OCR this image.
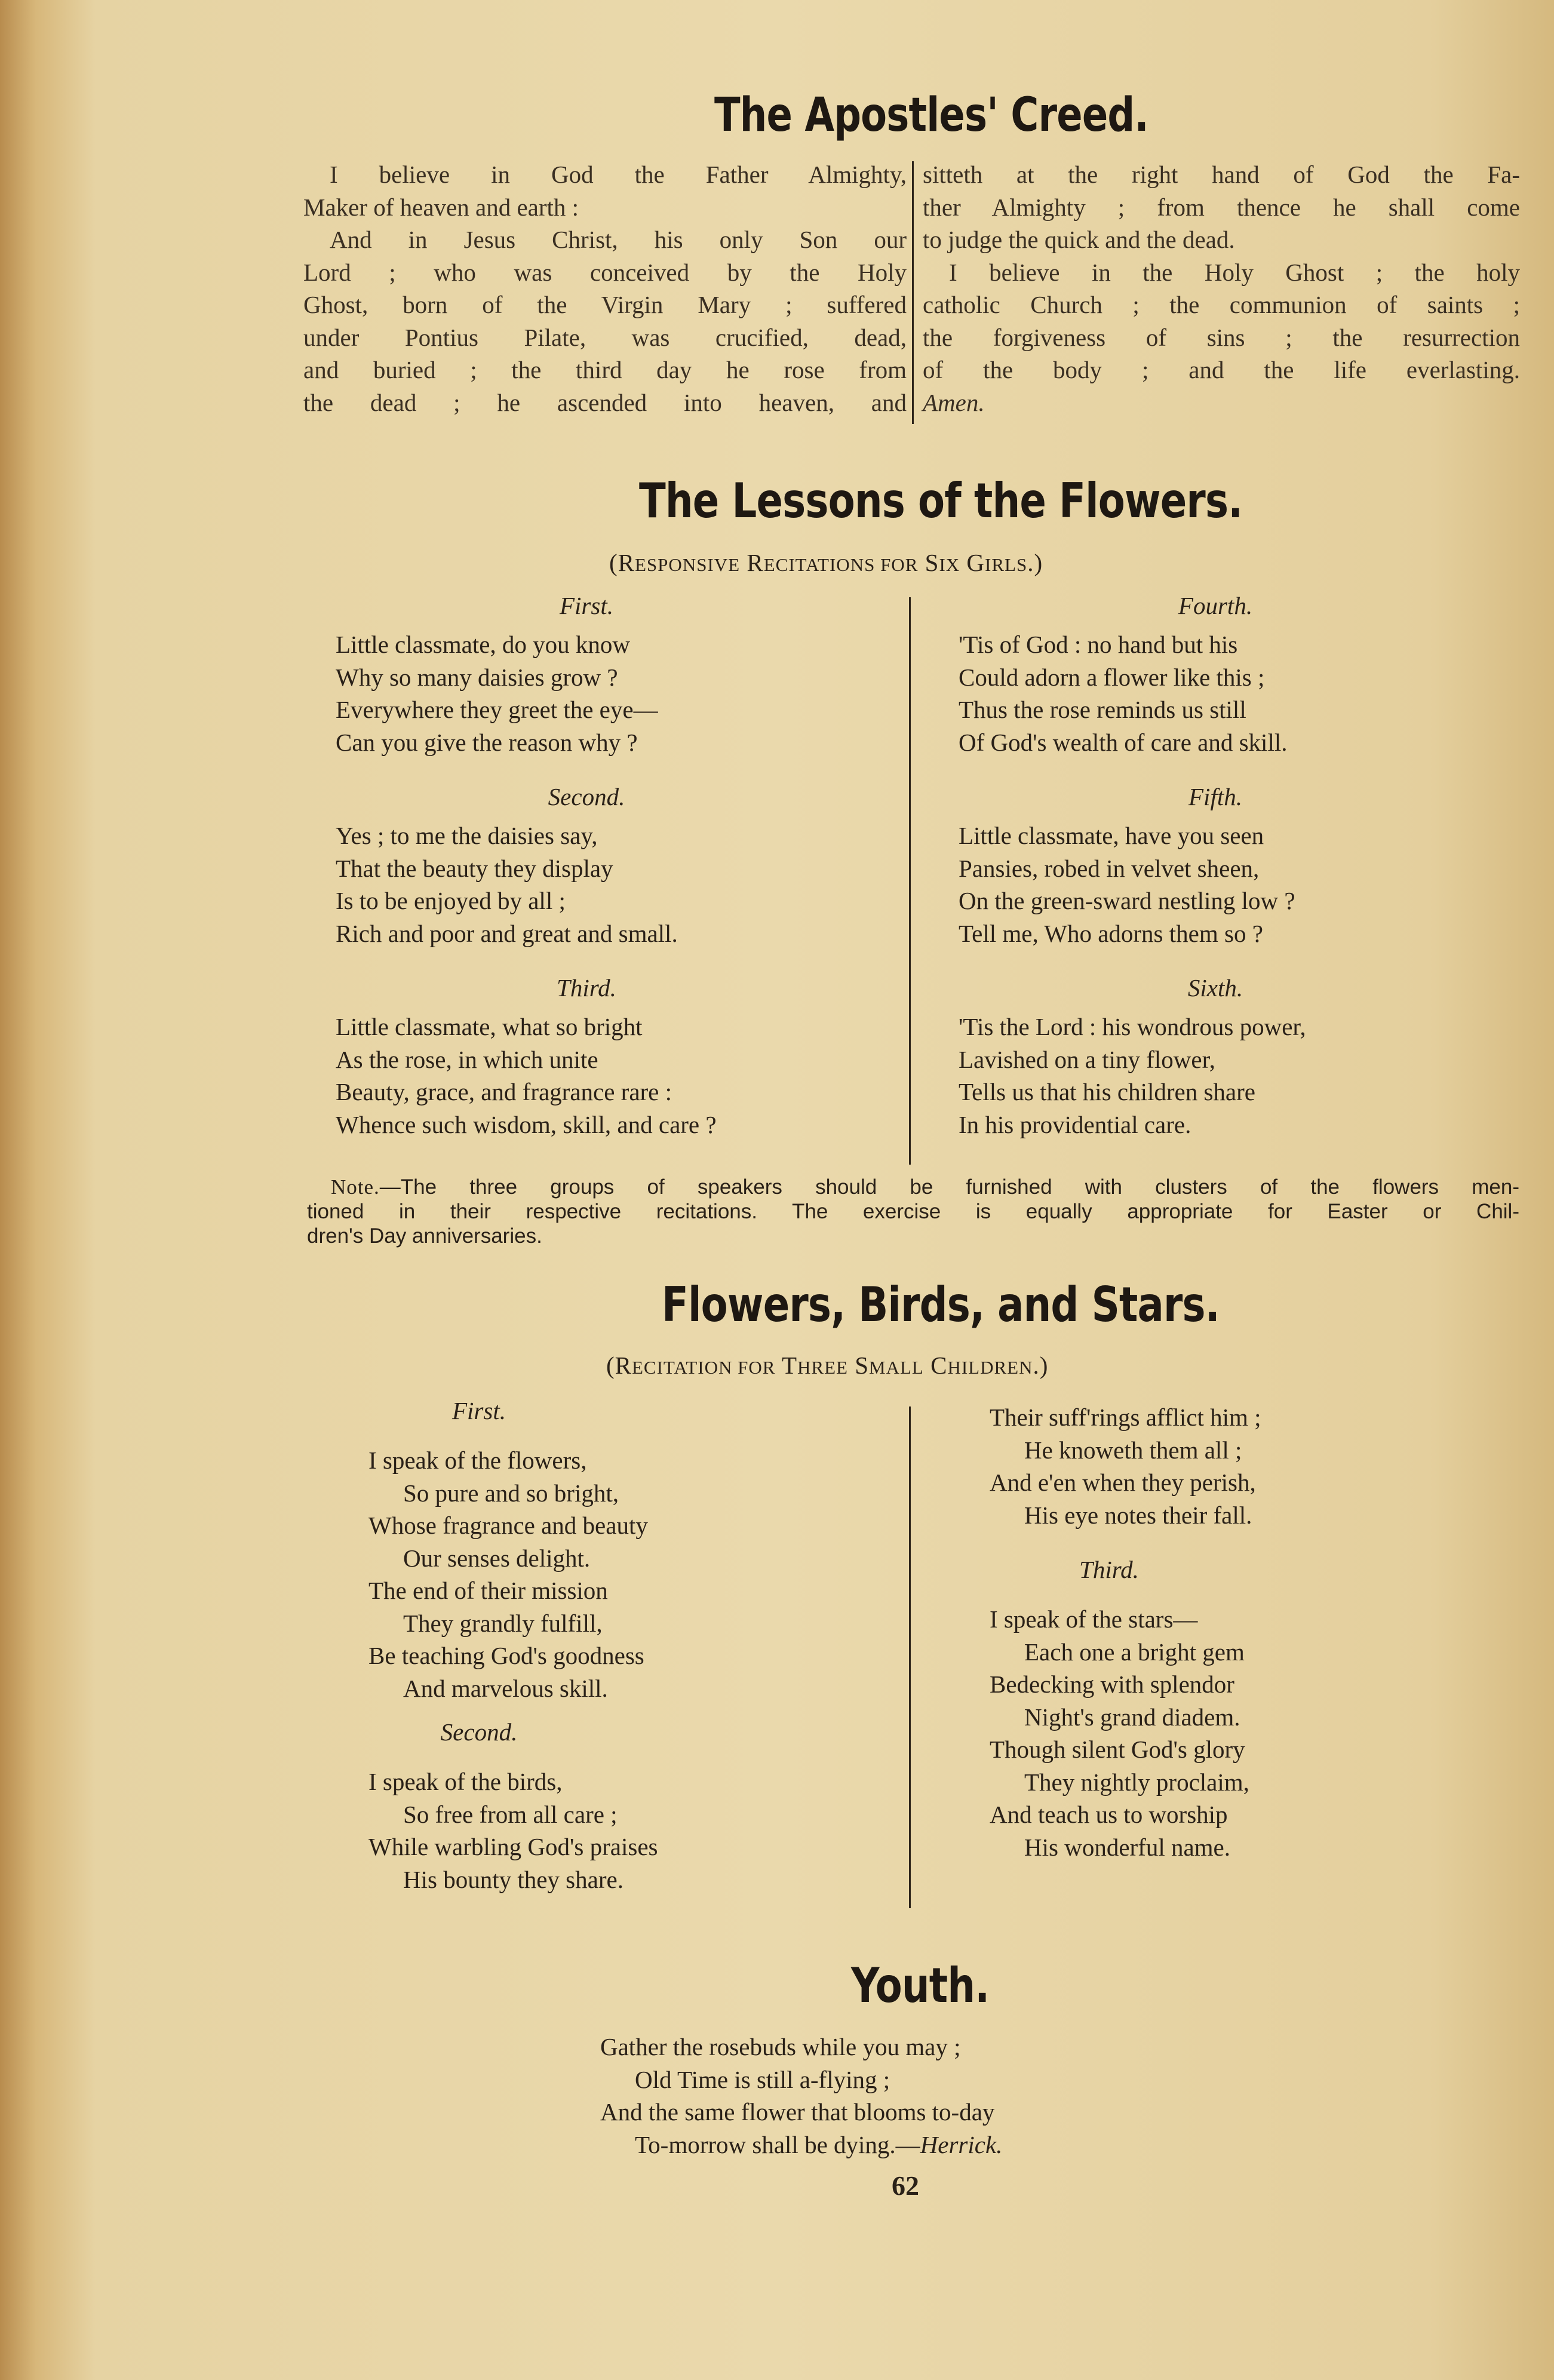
The Apostles' Creed.

I believe in God the Father Almighty,

Maker of heaven and earth :

And in Jesus Christ, his only Son our

Lord ; who was conceived by the Holy

Ghost, born of the Virgin Mary ; suffered

under Pontius Pilate, was crucified, dead,

and buried ; the third day he rose from

the dead ; he ascended into heaven, and

sitteth at the right hand of God the Fa-

ther Almighty ; from thence he shall come

to judge the quick and the dead.

I believe in the Holy Ghost ; the holy

catholic Church ; the communion of saints ;

the forgiveness of sins ; the resurrection

of the body ; and the life everlasting.

Amen.

The Lessons of the Flowers.
(RESPONSIVE RECITATIONS FOR SIX GIRLS.)
First.
Little classmate, do you know
Why so many daisies grow ?
Everywhere they greet the eye—
Can you give the reason why ?
Second.
Yes ; to me the daisies say,
That the beauty they display
Is to be enjoyed by all ;
Rich and poor and great and small.
Third.
Little classmate, what so bright
As the rose, in which unite
Beauty, grace, and fragrance rare :
Whence such wisdom, skill, and care ?
Fourth.
'Tis of God : no hand but his
Could adorn a flower like this ;
Thus the rose reminds us still
Of God's wealth of care and skill.
Fifth.
Little classmate, have you seen
Pansies, robed in velvet sheen,
On the green-sward nestling low ?
Tell me, Who adorns them so ?
Sixth.
'Tis the Lord : his wondrous power,
Lavished on a tiny flower,
Tells us that his children share
In his providential care.
Note.—The three groups of speakers should be furnished with clusters of the flowers men-
tioned in their respective recitations. The exercise is equally appropriate for Easter or Chil-
dren's Day anniversaries.
Flowers, Birds, and Stars.
(RECITATION FOR THREE SMALL CHILDREN.)
First.
I speak of the flowers,
So pure and so bright,
Whose fragrance and beauty
Our senses delight.
The end of their mission
They grandly fulfill,
Be teaching God's goodness
And marvelous skill.
Second.
I speak of the birds,
So free from all care ;
While warbling God's praises
His bounty they share.
Their suff'rings afflict him ;
He knoweth them all ;
And e'en when they perish,
His eye notes their fall.
Third.
I speak of the stars—
Each one a bright gem
Bedecking with splendor
Night's grand diadem.
Though silent God's glory
They nightly proclaim,
And teach us to worship
His wonderful name.
Youth.
Gather the rosebuds while you may ;
Old Time is still a-flying ;
And the same flower that blooms to-day
To-morrow shall be dying.—Herrick.
62
